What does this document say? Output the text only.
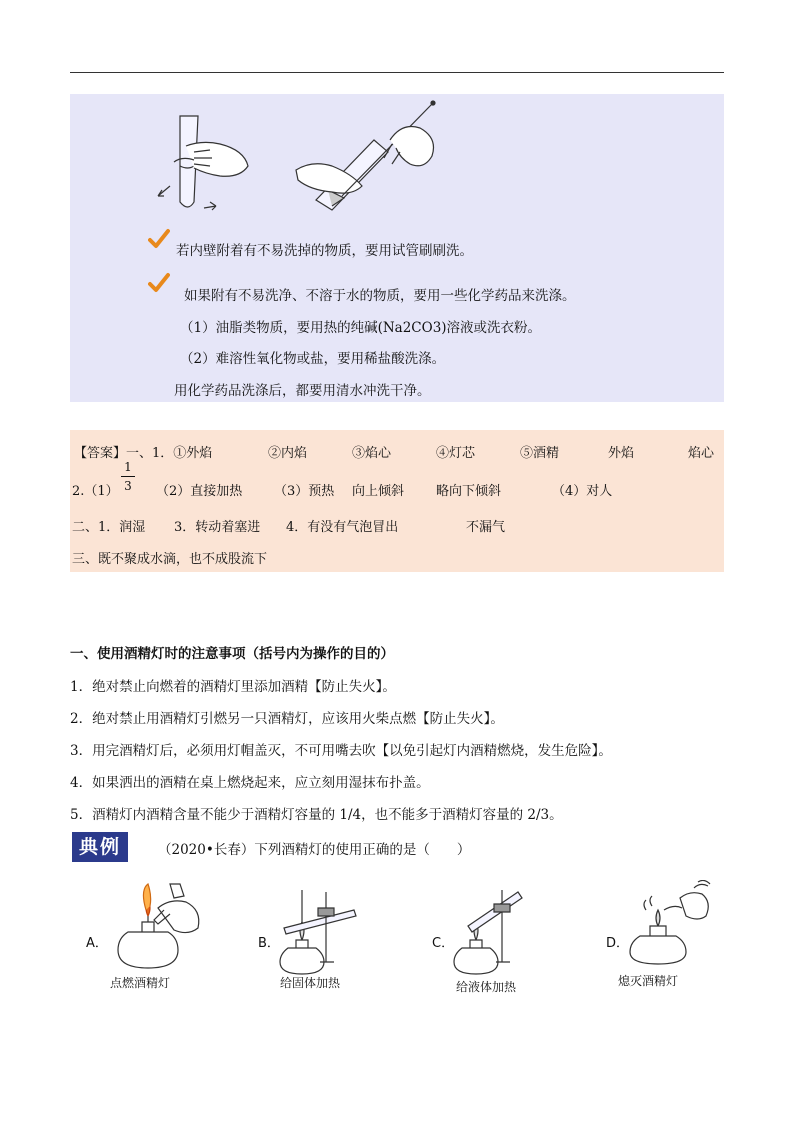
若内壁附着有不易洗掉的物质，要用试管刷刷洗。
如果附有不易洗净、不溶于水的物质，要用一些化学药品来洗涤。
（1）油脂类物质，要用热的纯碱(Na2CO3)溶液或洗衣粉。
（2）难溶性氧化物或盐，要用稀盐酸洗涤。
用化学药品洗涤后，都要用清水冲洗干净。
【答案】一、1．①外焰	②内焰	③焰心	④灯芯	⑤酒精	外焰	焰心
2.（1）
1
3 （2）直接加热 （3）预热 向上倾斜 略向下倾斜	（4）对人
二、1．润湿 3．转动着塞进 4．有没有气泡冒出	不漏气
三、既不聚成水滴，也不成股流下
一、使用酒精灯时的注意事项（括号内为操作的目的）
1．绝对禁止向燃着的酒精灯里添加酒精【防止失火】。
2．绝对禁止用酒精灯引燃另一只酒精灯，应该用火柴点燃【防止失火】。
3．用完酒精灯后，必须用灯帽盖灭，不可用嘴去吹【以免引起灯内酒精燃烧，发生危险】。
4．如果洒出的酒精在桌上燃烧起来，应立刻用湿抹布扑盖。
5．酒精灯内酒精含量不能少于酒精灯容量的 1/4，也不能多于酒精灯容量的 2/3。
典例	（2020•长春）下列酒精灯的使用正确的是（　　）
A．
点燃酒精灯
B．
给固体加热
C．
给液体加热
D．
熄灭酒精灯
